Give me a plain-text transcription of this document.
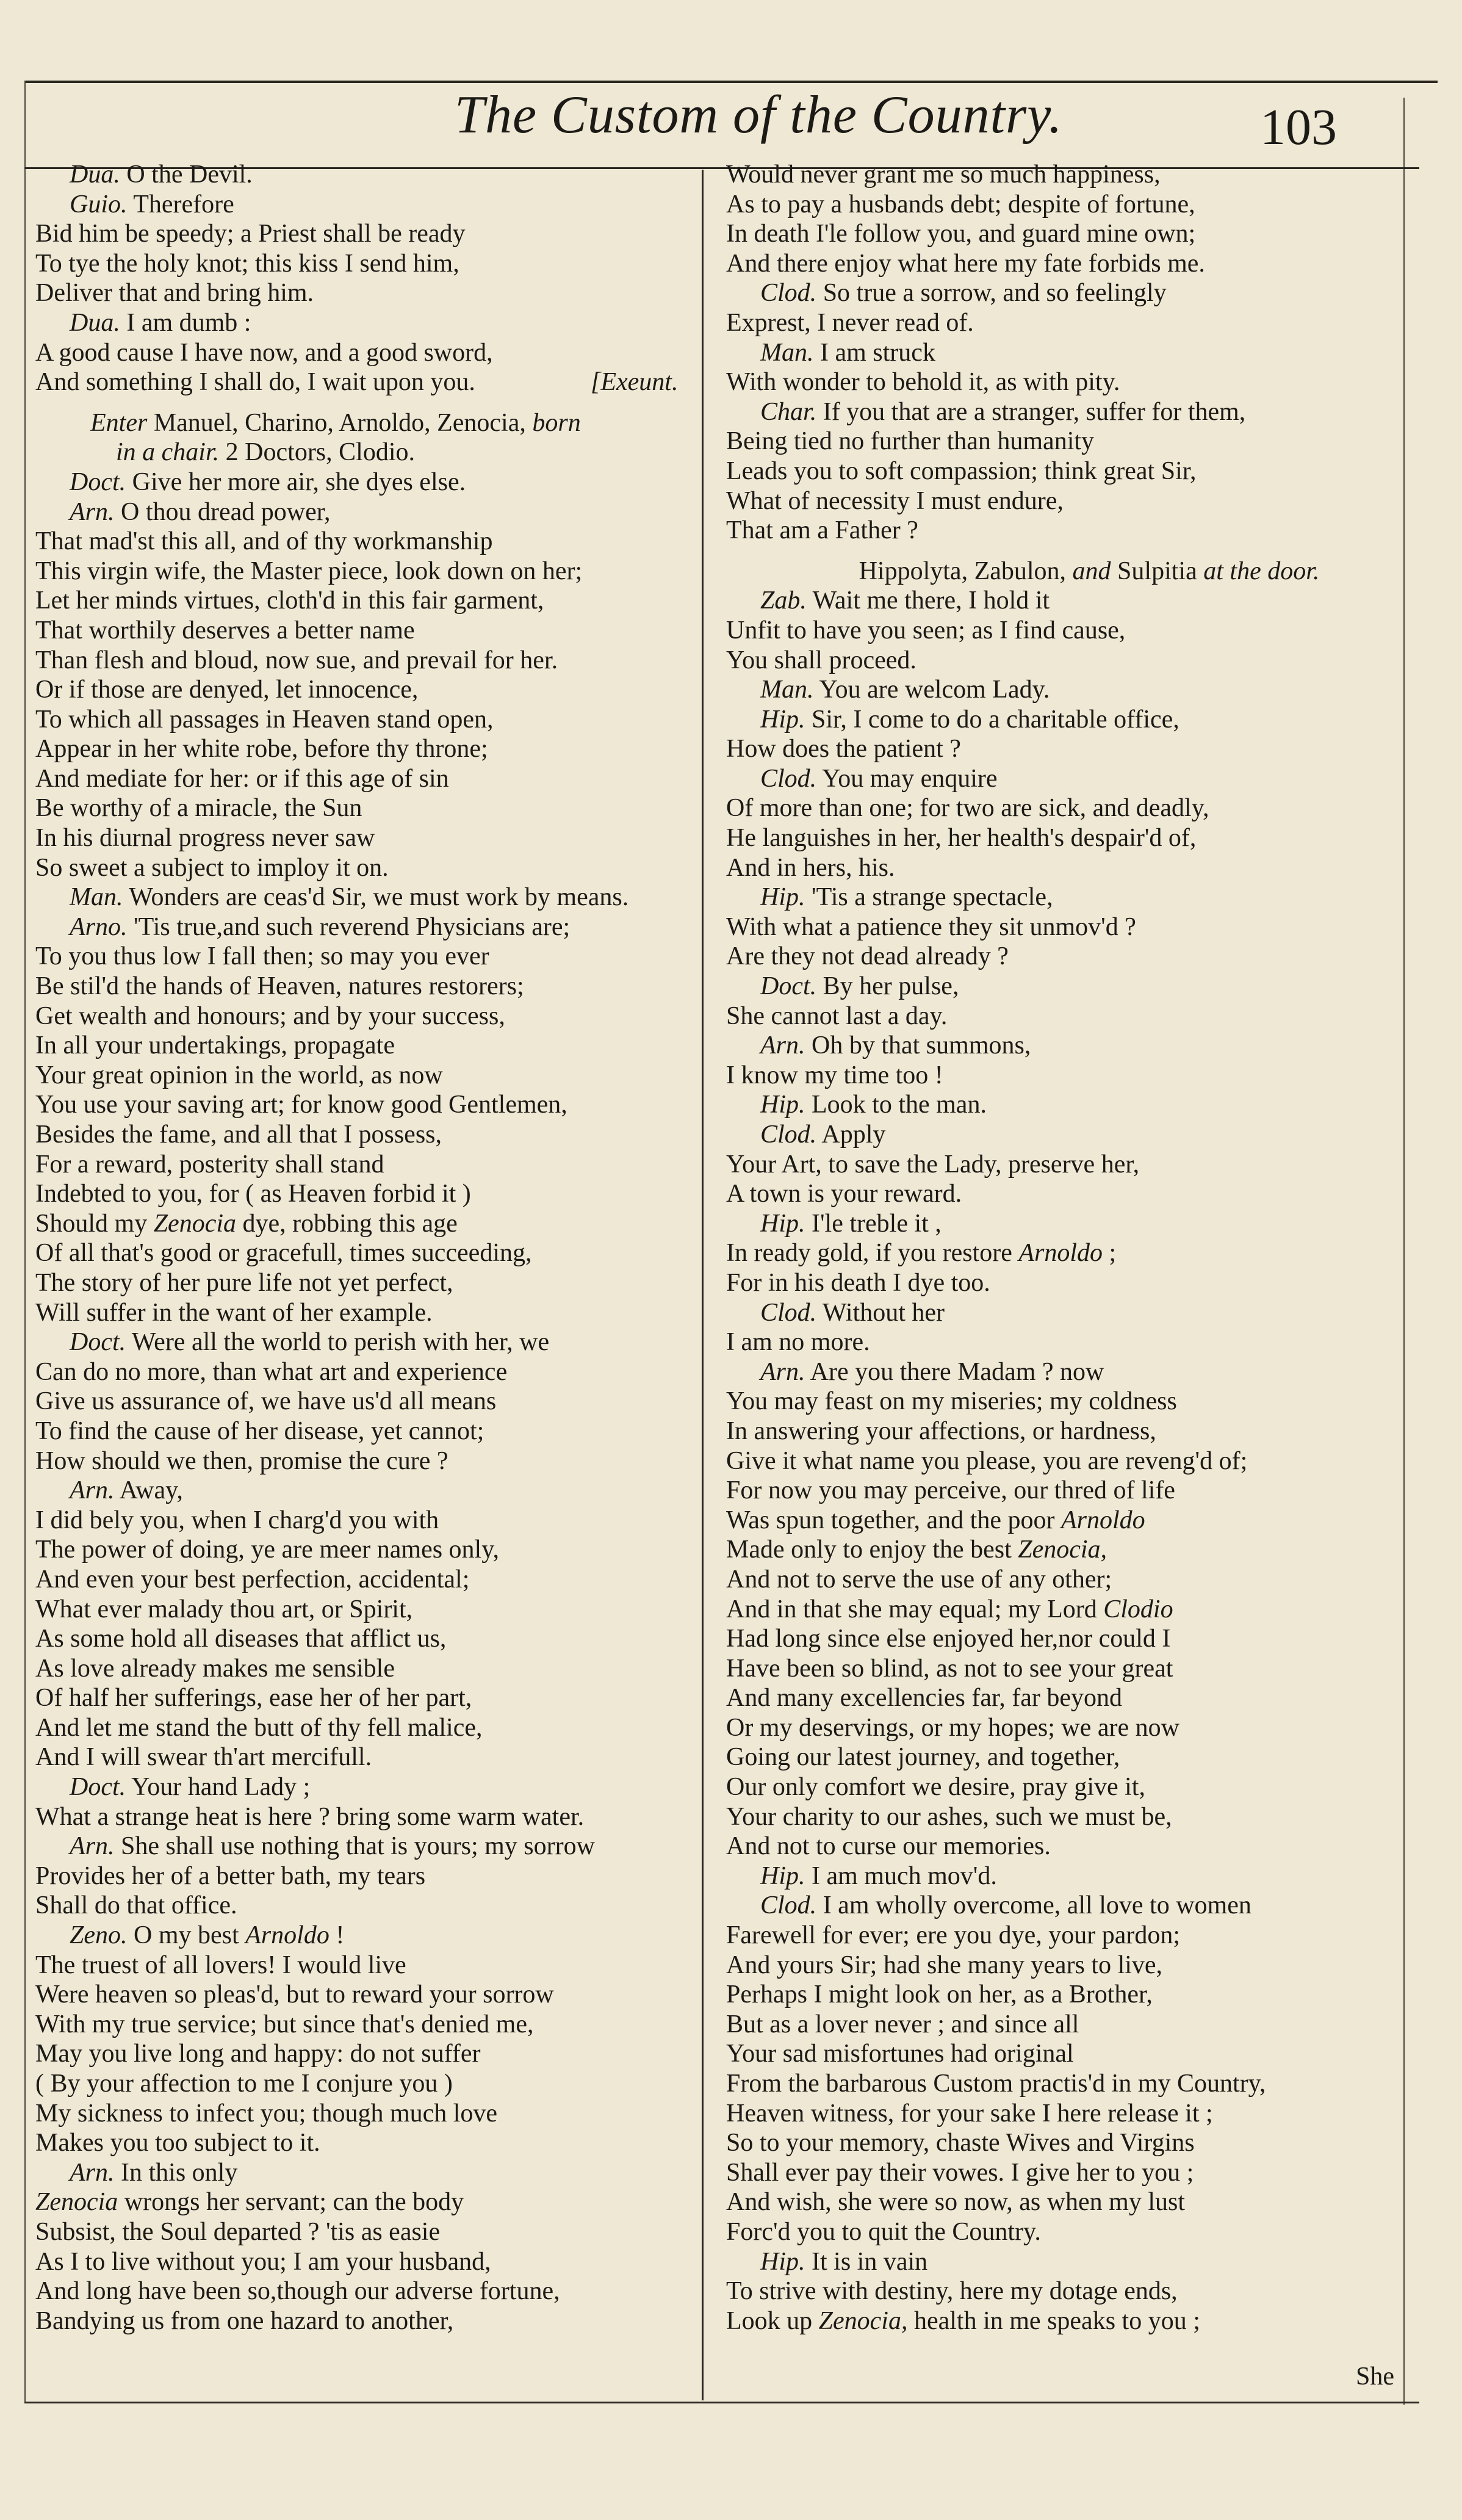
The Custom of the Country.	103
Dua. O the Devil.
Guio. Therefore
Bid him be speedy; a Priest shall be ready
To tye the holy knot; this kiss I send him,
Deliver that and bring him.
Dua. I am dumb :
A good cause I have now, and a good sword,
And something I shall do, I wait upon you.	[Exeunt.
Enter Manuel, Charino, Arnoldo, Zenocia, born
in a chair. 2 Doctors, Clodio.
Doct. Give her more air, she dyes else.
Arn. O thou dread power,
That mad'st this all, and of thy workmanship
This virgin wife, the Master piece, look down on her;
Let her minds virtues, cloth'd in this fair garment,
That worthily deserves a better name
Than flesh and bloud, now sue, and prevail for her.
Or if those are denyed, let innocence,
To which all passages in Heaven stand open,
Appear in her white robe, before thy throne;
And mediate for her: or if this age of sin
Be worthy of a miracle, the Sun
In his diurnal progress never saw
So sweet a subject to imploy it on.
Man. Wonders are ceas'd Sir, we must work by means.
Arno. 'Tis true,and such reverend Physicians are;
To you thus low I fall then; so may you ever
Be stil'd the hands of Heaven, natures restorers;
Get wealth and honours; and by your success,
In all your undertakings, propagate
Your great opinion in the world, as now
You use your saving art; for know good Gentlemen,
Besides the fame, and all that I possess,
For a reward, posterity shall stand
Indebted to you, for ( as Heaven forbid it )
Should my Zenocia dye, robbing this age
Of all that's good or gracefull, times succeeding,
The story of her pure life not yet perfect,
Will suffer in the want of her example.
Doct. Were all the world to perish with her, we
Can do no more, than what art and experience
Give us assurance of, we have us'd all means
To find the cause of her disease, yet cannot;
How should we then, promise the cure ?
Arn. Away,
I did bely you, when I charg'd you with
The power of doing, ye are meer names only,
And even your best perfection, accidental;
What ever malady thou art, or Spirit,
As some hold all diseases that afflict us,
As love already makes me sensible
Of half her sufferings, ease her of her part,
And let me stand the butt of thy fell malice,
And I will swear th'art mercifull.
Doct. Your hand Lady ;
What a strange heat is here ? bring some warm water.
Arn. She shall use nothing that is yours; my sorrow
Provides her of a better bath, my tears
Shall do that office.
Zeno. O my best Arnoldo !
The truest of all lovers! I would live
Were heaven so pleas'd, but to reward your sorrow
With my true service; but since that's denied me,
May you live long and happy: do not suffer
( By your affection to me I conjure you )
My sickness to infect you; though much love
Makes you too subject to it.
Arn. In this only
Zenocia wrongs her servant; can the body
Subsist, the Soul departed ? 'tis as easie
As I to live without you; I am your husband,
And long have been so,though our adverse fortune,
Bandying us from one hazard to another,
Would never grant me so much happiness,
As to pay a husbands debt; despite of fortune,
In death I'le follow you, and guard mine own;
And there enjoy what here my fate forbids me.
Clod. So true a sorrow, and so feelingly
Exprest, I never read of.
Man. I am struck
With wonder to behold it, as with pity.
Char. If you that are a stranger, suffer for them,
Being tied no further than humanity
Leads you to soft compassion; think great Sir,
What of necessity I must endure,
That am a Father ?
Hippolyta, Zabulon, and Sulpitia at the door.
Zab. Wait me there, I hold it
Unfit to have you seen; as I find cause,
You shall proceed.
Man. You are welcom Lady.
Hip. Sir, I come to do a charitable office,
How does the patient ?
Clod. You may enquire
Of more than one; for two are sick, and deadly,
He languishes in her, her health's despair'd of,
And in hers, his.
Hip. 'Tis a strange spectacle,
With what a patience they sit unmov'd ?
Are they not dead already ?
Doct. By her pulse,
She cannot last a day.
Arn. Oh by that summons,
I know my time too !
Hip. Look to the man.
Clod. Apply
Your Art, to save the Lady, preserve her,
A town is your reward.
Hip. I'le treble it ,
In ready gold, if you restore Arnoldo ;
For in his death I dye too.
Clod. Without her
I am no more.
Arn. Are you there Madam ? now
You may feast on my miseries; my coldness
In answering your affections, or hardness,
Give it what name you please, you are reveng'd of;
For now you may perceive, our thred of life
Was spun together, and the poor Arnoldo
Made only to enjoy the best Zenocia,
And not to serve the use of any other;
And in that she may equal; my Lord Clodio
Had long since else enjoyed her,nor could I
Have been so blind, as not to see your great
And many excellencies far, far beyond
Or my deservings, or my hopes; we are now
Going our latest journey, and together,
Our only comfort we desire, pray give it,
Your charity to our ashes, such we must be,
And not to curse our memories.
Hip. I am much mov'd.
Clod. I am wholly overcome, all love to women
Farewell for ever; ere you dye, your pardon;
And yours Sir; had she many years to live,
Perhaps I might look on her, as a Brother,
But as a lover never ; and since all
Your sad misfortunes had original
From the barbarous Custom practis'd in my Country,
Heaven witness, for your sake I here release it ;
So to your memory, chaste Wives and Virgins
Shall ever pay their vowes. I give her to you ;
And wish, she were so now, as when my lust
Forc'd you to quit the Country.
Hip. It is in vain
To strive with destiny, here my dotage ends,
Look up Zenocia, health in me speaks to you ;
She
